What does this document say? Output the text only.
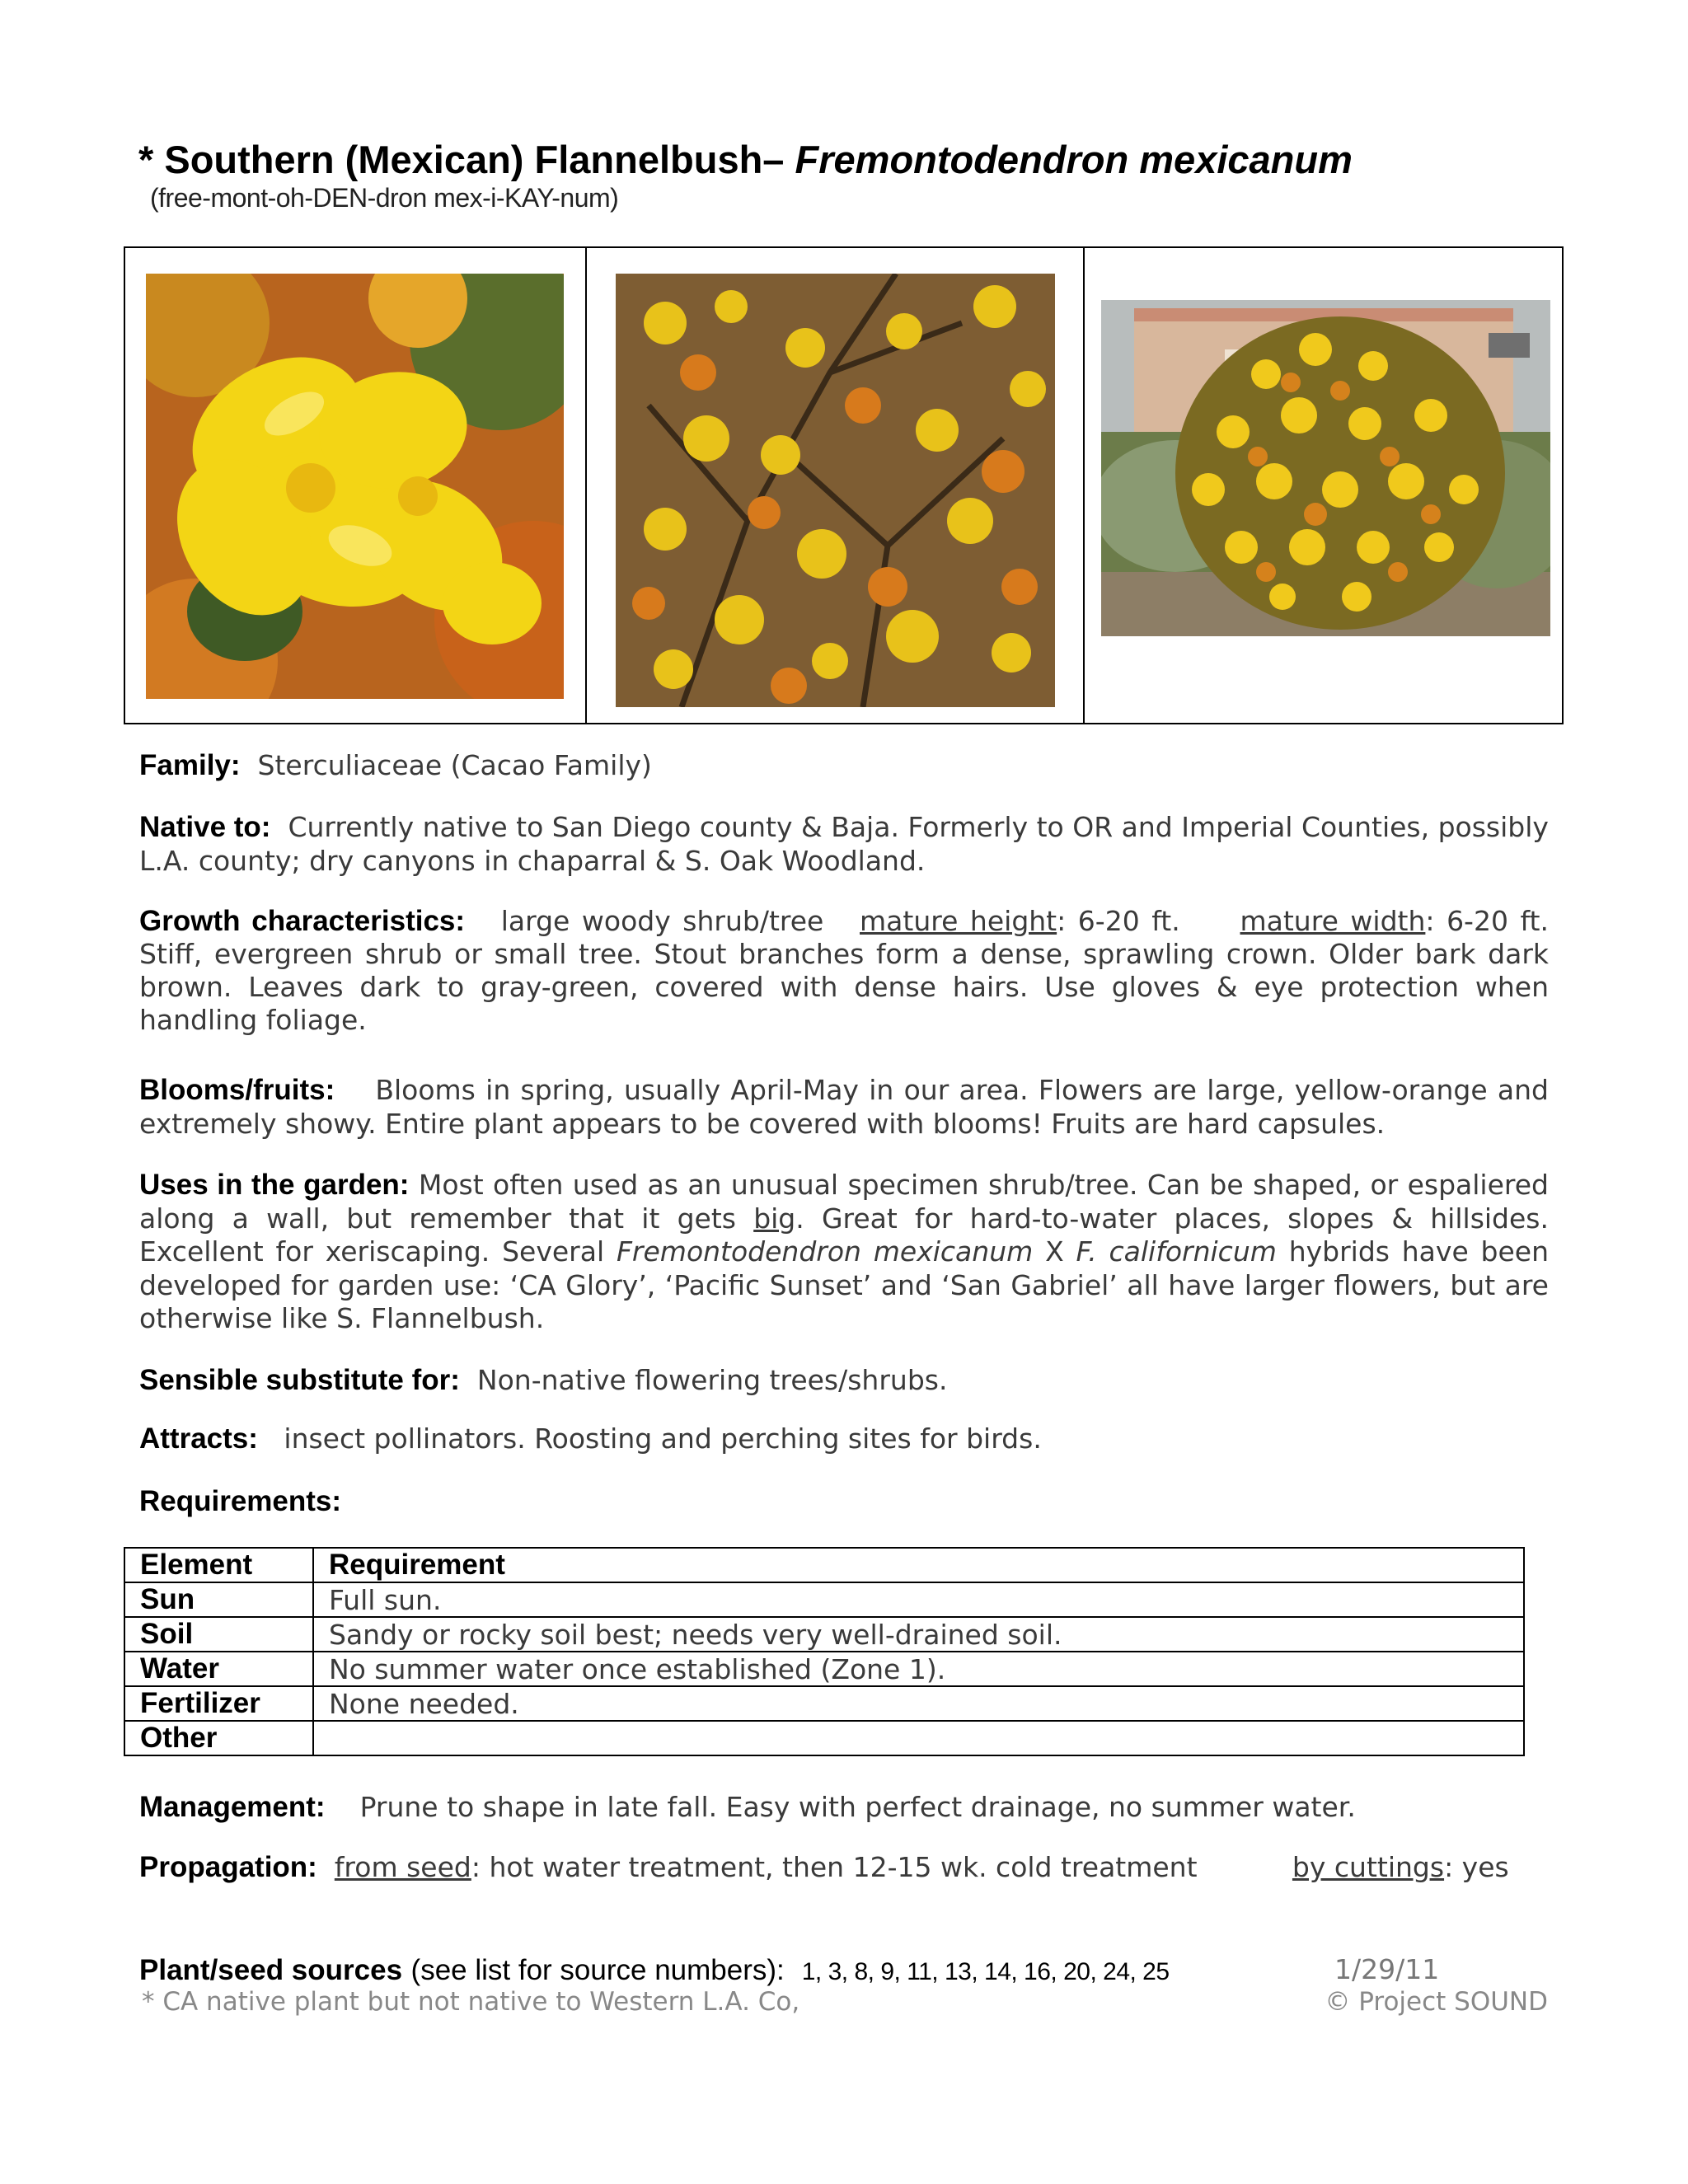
* Southern (Mexican) Flannelbush– Fremontodendron mexicanum
(free-mont-oh-DEN-dron mex-i-KAY-num)
Family: Sterculiaceae (Cacao Family)
Native to: Currently native to San Diego county & Baja. Formerly to OR and Imperial Counties, possibly L.A. county; dry canyons in chaparral & S. Oak Woodland.
Growth characteristics: large woody shrub/tree mature height: 6-20 ft. mature width: 6-20 ft. Stiff, evergreen shrub or small tree. Stout branches form a dense, sprawling crown. Older bark dark brown. Leaves dark to gray-green, covered with dense hairs. Use gloves & eye protection when handling foliage.
Blooms/fruits: Blooms in spring, usually April-May in our area. Flowers are large, yellow-orange and extremely showy. Entire plant appears to be covered with blooms! Fruits are hard capsules.
Uses in the garden: Most often used as an unusual specimen shrub/tree. Can be shaped, or espaliered along a wall, but remember that it gets big. Great for hard-to-water places, slopes & hillsides. Excellent for xeriscaping. Several Fremontodendron mexicanum X F. californicum hybrids have been developed for garden use: ‘CA Glory’, ‘Pacific Sunset’ and ‘San Gabriel’ all have larger flowers, but are otherwise like S. Flannelbush.
Sensible substitute for: Non-native flowering trees/shrubs.
Attracts: insect pollinators. Roosting and perching sites for birds.
Requirements:
Element	Requirement
Sun	Full sun.
Soil	Sandy or rocky soil best; needs very well-drained soil.
Water	No summer water once established (Zone 1).
Fertilizer	None needed.
Other	
Management: Prune to shape in late fall. Easy with perfect drainage, no summer water.
Propagation: from seed: hot water treatment, then 12-15 wk. cold treatment	by cuttings: yes
Plant/seed sources (see list for source numbers): 1, 3, 8, 9, 11, 13, 14, 16, 20, 24, 25	1/29/11
* CA native plant but not native to Western L.A. Co,	© Project SOUND
